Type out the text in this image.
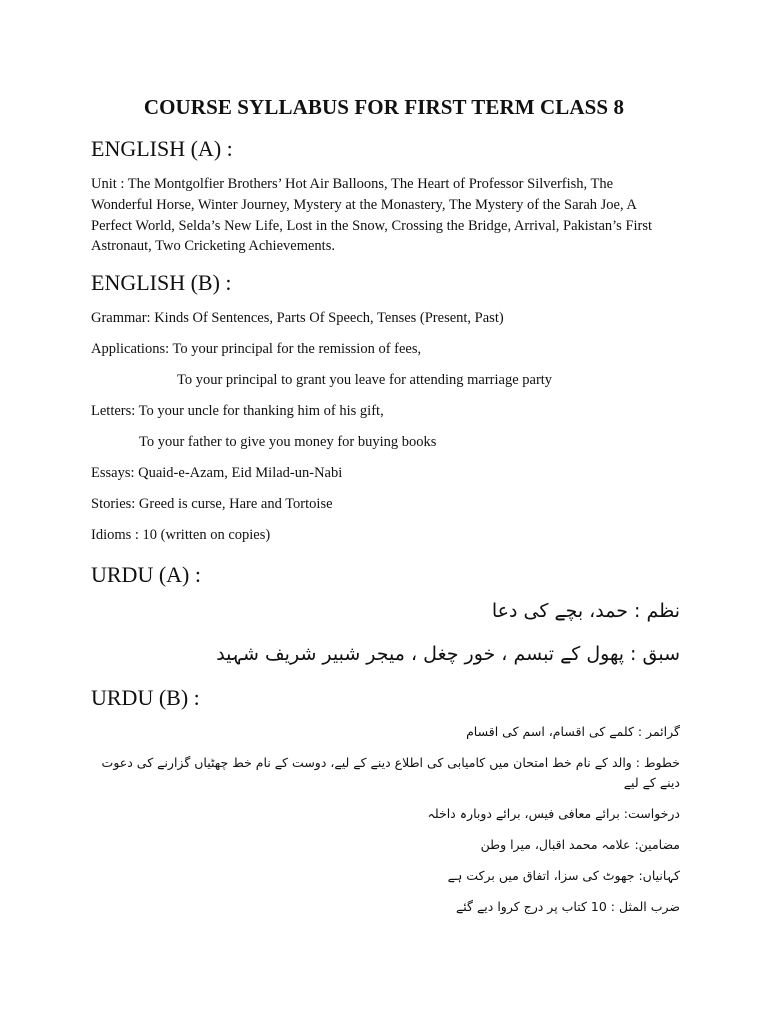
COURSE SYLLABUS FOR FIRST TERM CLASS 8
ENGLISH (A) :
Unit : The Montgolfier Brothers’ Hot Air Balloons, The Heart of Professor Silverfish, The Wonderful Horse, Winter Journey, Mystery at the Monastery, The Mystery of the Sarah Joe, A Perfect World, Selda’s New Life, Lost in the Snow, Crossing the Bridge, Arrival, Pakistan’s First Astronaut, Two Cricketing Achievements.
ENGLISH (B) :
Grammar: Kinds Of Sentences, Parts Of Speech, Tenses (Present, Past)
Applications: To your principal for the remission of fees,
To your principal to grant you leave for attending marriage party
Letters: To your uncle for thanking him of his gift,
To your father to give you money for buying books
Essays: Quaid-e-Azam, Eid Milad-un-Nabi
Stories: Greed is curse, Hare and Tortoise
Idioms : 10 (written on copies)
URDU (A) :
نظم : حمد، بچے کی دعا
سبق : پھول کے تبسم ، خور چغل ، میجر شبیر شریف شہید
URDU (B) :
گرائمر : کلمے کی اقسام، اسم کی اقسام
خطوط : والد کے نام خط امتحان میں کامیابی کی اطلاع دینے کے لیے، دوست کے نام خط چھٹیاں گزارنے کی دعوت دینے کے لیے
درخواست: برائے معافی فیس، برائے دوبارہ داخلہ
مضامین: علامہ محمد اقبال، میرا وطن
کہانیاں: جھوٹ کی سزا، اتفاق میں برکت ہے
ضرب المثل : 10 کتاب پر درج کروا دیے گئے
